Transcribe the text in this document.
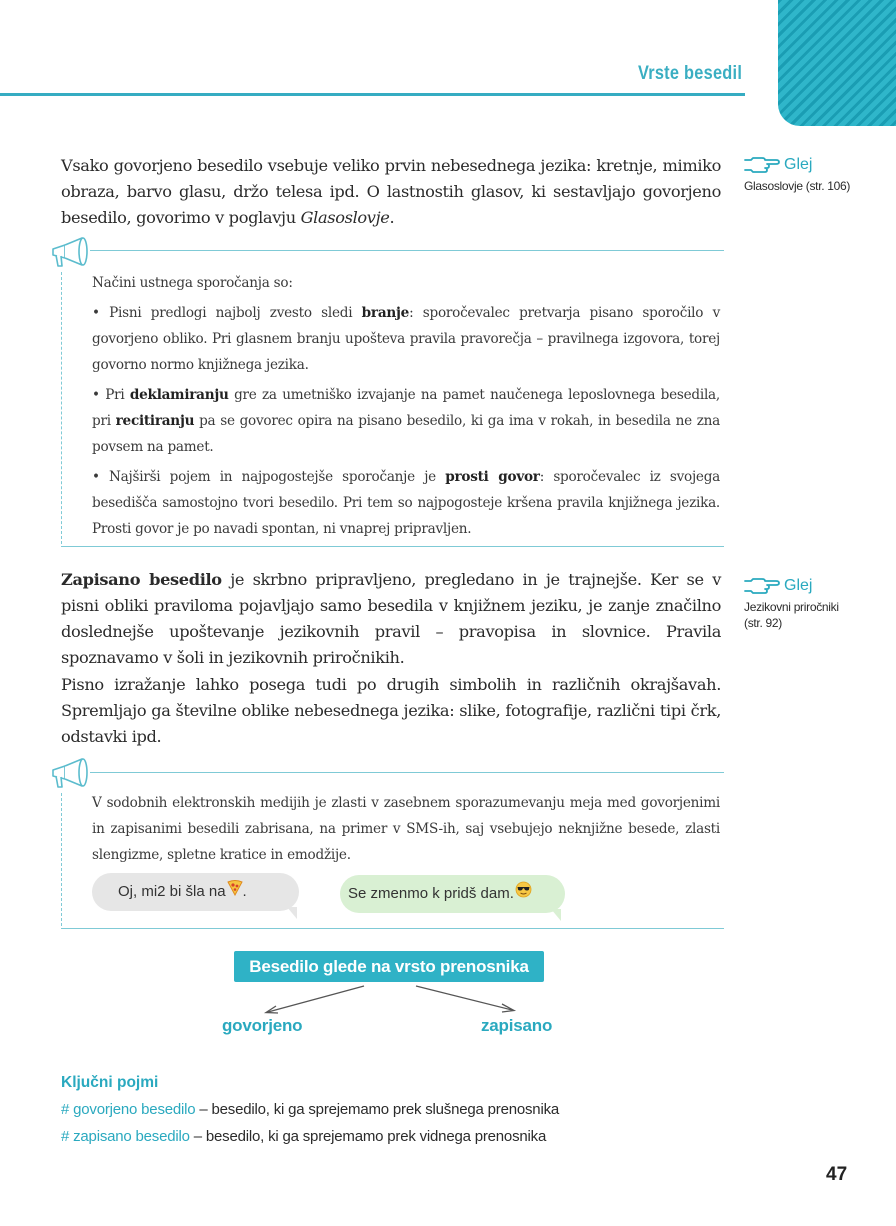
Vrste besedil
Vsako govorjeno besedilo vsebuje veliko prvin nebesednega jezika: kretnje, mimiko obraza, barvo glasu, držo telesa ipd. O lastnostih glasov, ki sestavljajo govorjeno besedilo, govorimo v poglavju Glasoslovje.
Glej
Glasoslovje (str. 106)

Načini ustnega sporočanja so:

• Pisni predlogi najbolj zvesto sledi branje: sporočevalec pretvarja pisano sporočilo v govorjeno obliko. Pri glasnem branju upošteva pravila pravorečja – pravilnega izgovora, torej govorno normo knjižnega jezika.

• Pri deklamiranju gre za umetniško izvajanje na pamet naučenega leposlovnega besedila, pri recitiranju pa se govorec opira na pisano besedilo, ki ga ima v rokah, in besedila ne zna povsem na pamet.

• Najširši pojem in najpogostejše sporočanje je prosti govor: sporočevalec iz svojega besedišča samostojno tvori besedilo. Pri tem so najpogosteje kršena pravila knjižnega jezika. Prosti govor je po navadi spontan, ni vnaprej pripravljen.

Zapisano besedilo je skrbno pripravljeno, pregledano in je trajnejše. Ker se v pisni obliki praviloma pojavljajo samo besedila v knjižnem jeziku, je zanje značilno doslednejše upoštevanje jezikovnih pravil – pravopisa in slovnice. Pravila spoznavamo v šoli in jezikovnih priročnikih.
Pisno izražanje lahko posega tudi po drugih simbolih in različnih okrajšavah. Spremljajo ga številne oblike nebesednega jezika: slike, fotografije, različni tipi črk, odstavki ipd.
Glej
Jezikovni priročniki
(str. 92)
V sodobnih elektronskih medijih je zlasti v zasebnem sporazumevanju meja med govorjenimi in zapisanimi besedili zabrisana, na primer v SMS-ih, saj vsebujejo neknjižne besede, zlasti slengizme, spletne kratice in emodžije.
Oj, mi2 bi šla na .	Se zmenmo k pridš dam.
Besedilo glede na vrsto prenosnika
govorjeno	zapisano
Ključni pojmi
# govorjeno besedilo – besedilo, ki ga sprejemamo prek slušnega prenosnika
# zapisano besedilo – besedilo, ki ga sprejemamo prek vidnega prenosnika
47
